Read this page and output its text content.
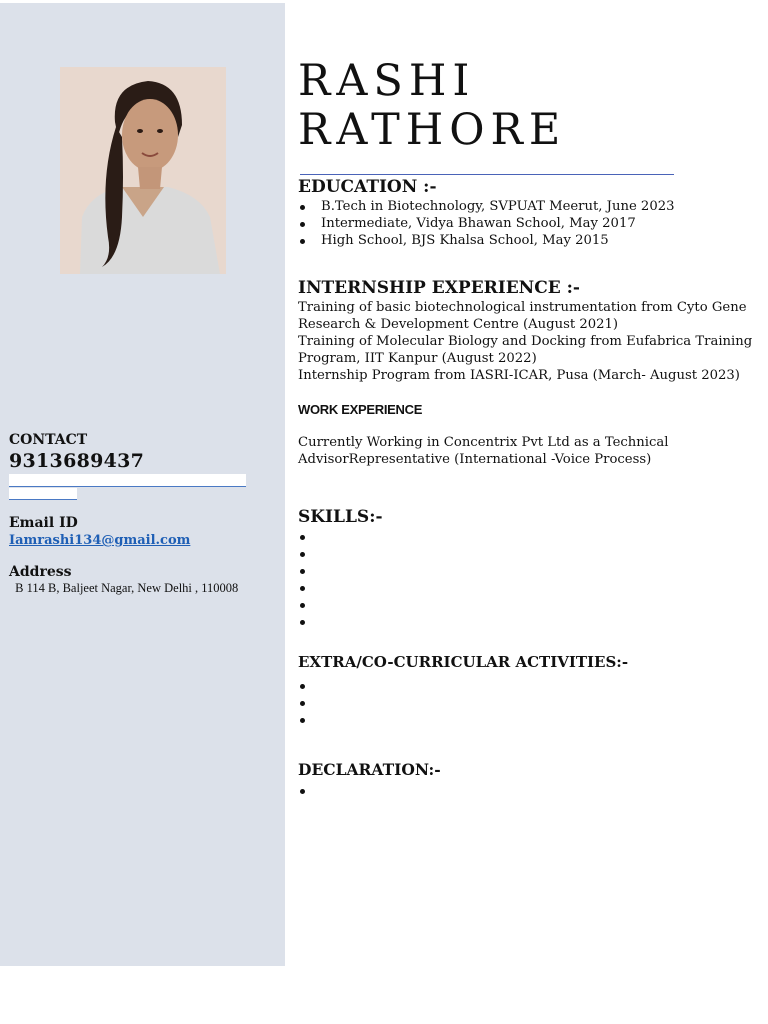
CONTACT
9313689437
Email ID
Iamrashi134@gmail.com
Address
B 114 B, Baljeet Nagar, New Delhi , 110008
RASHI
RATHORE
EDUCATION :-
B.Tech in Biotechnology, SVPUAT Meerut, June 2023
Intermediate, Vidya Bhawan School, May 2017
High School, BJS Khalsa School, May 2015
INTERNSHIP EXPERIENCE :-
Training of basic biotechnological instrumentation from Cyto Gene
Research & Development Centre (August 2021)
Training of Molecular Biology and Docking from Eufabrica Training
Program, IIT Kanpur (August 2022)
Internship Program from IASRI-ICAR, Pusa (March- August 2023)
WORK EXPERIENCE
Currently Working in Concentrix Pvt Ltd as a Technical
AdvisorRepresentative (International -Voice Process)
SKILLS:-
EXTRA/CO-CURRICULAR ACTIVITIES:-
DECLARATION:-
